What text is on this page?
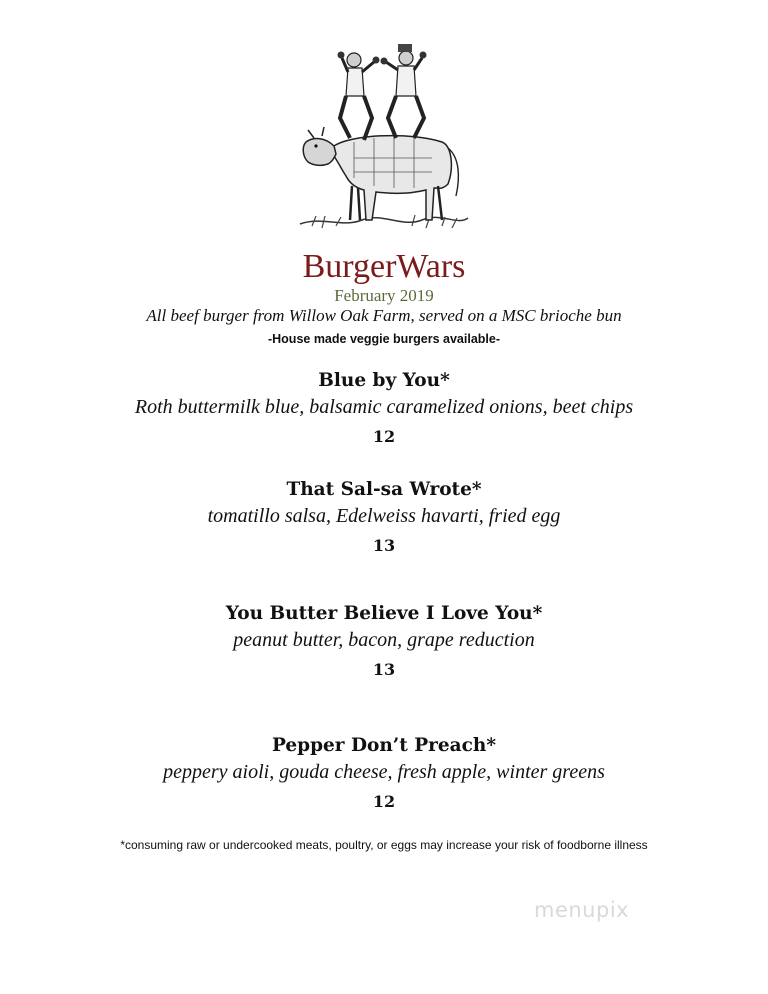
BurgerWars
February 2019
All beef burger from Willow Oak Farm, served on a MSC brioche bun
-House made veggie burgers available-
Blue by You*
Roth buttermilk blue, balsamic caramelized onions, beet chips
12
That Sal-sa Wrote*
tomatillo salsa, Edelweiss havarti, fried egg
13
You Butter Believe I Love You*
peanut butter, bacon, grape reduction
13
Pepper Don’t Preach*
peppery aioli, gouda cheese, fresh apple, winter greens
12
*consuming raw or undercooked meats, poultry, or eggs may increase your risk of foodborne illness
menupix
